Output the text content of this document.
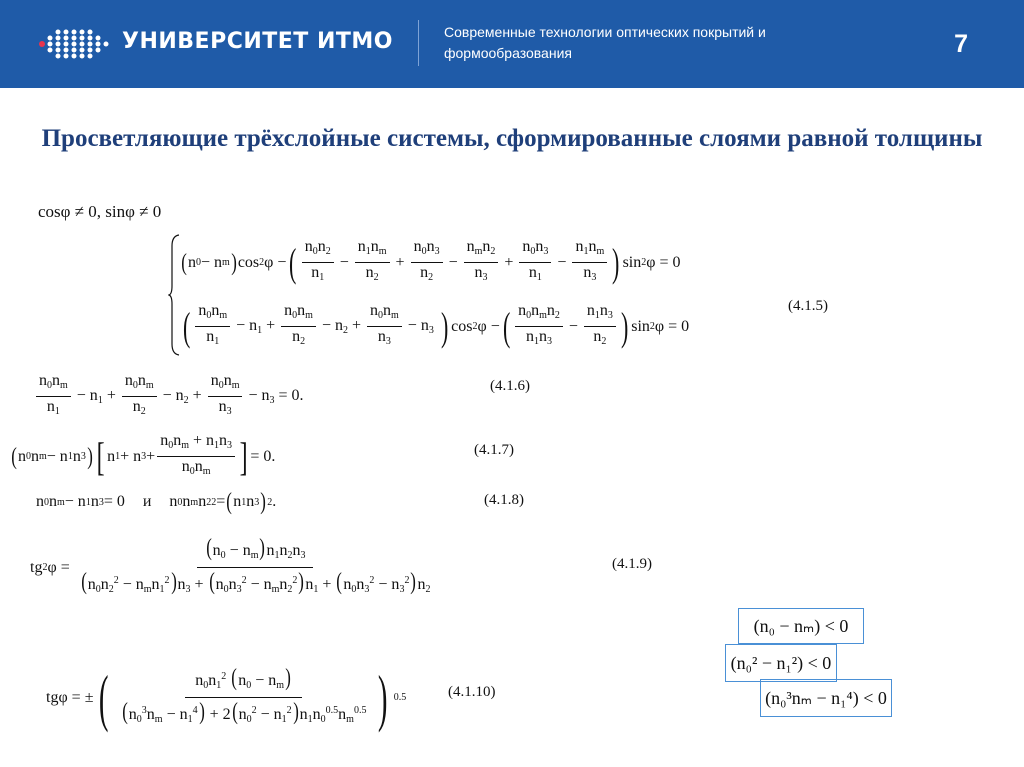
УНИВЕРСИТЕТ ИТМО	Современные технологии оптических покрытий и формообразования	7
Просветляющие трёхслойные системы, сформированные слоями равной толщины
cosφ ≠ 0, sinφ ≠ 0
( n 0 − n m ) cos 2 φ − ( $\frac{n_0n_2}{n_1} - \frac{n_1n_m}{n_2} + \frac{n_0n_3}{n_2} - \frac{n_mn_2}{n_3} + \frac{n_0n_3}{n_1} - \frac{n_1n_m}{n_3}$ ) sin 2 φ = 0
( $\frac{n_0n_m}{n_1} - n_1 + \frac{n_0n_m}{n_2} - n_2 + \frac{n_0n_m}{n_3} - n_3$ ) cos 2 φ − ( $\frac{n_0n_mn_2}{n_1n_3} - \frac{n_1n_3}{n_2}$ ) sin 2 φ = 0
(4.1.5)
$\frac{n_0n_m}{n_1} - n_1 + \frac{n_0n_m}{n_2} - n_2 + \frac{n_0n_m}{n_3} - n_3 = 0$.
(4.1.6)
( n 0 n m − n 1 n 3 ) [ n 1 + n $3 + \frac{n_0n_m + n_1n_3}{n_0n_m}$ ] = 0.	(4.1.7)
n 0 n m − n 1 n 3 = 0 и n 0 n m n 2 2 = ( n 1 n 3 ) 2 .	(4.1.8)
tg 2 $\varphi = \frac{(n_0 - n_m)n_1n_2n_3}{(n_0n_2^2 - n_mn_1^2)n_3 + (n_0n_3^2 - n_mn_2^2)n_1 + (n_0n_3^2 - n_3^2)n_2}$	(4.1.9)
tgφ = ± ( $\frac{n_0n_1^2 (n_0 - n_m)}{(n_0^3n_m - n_1^4) + 2(n_0^2 - n_1^2)n_1n_0^{0.5}n_m^{0.5}}$ ) 0.5	(4.1.10)
(n₀ − nₘ) < 0
(n₀² − n₁²) < 0
(n₀³nₘ − n₁⁴) < 0
